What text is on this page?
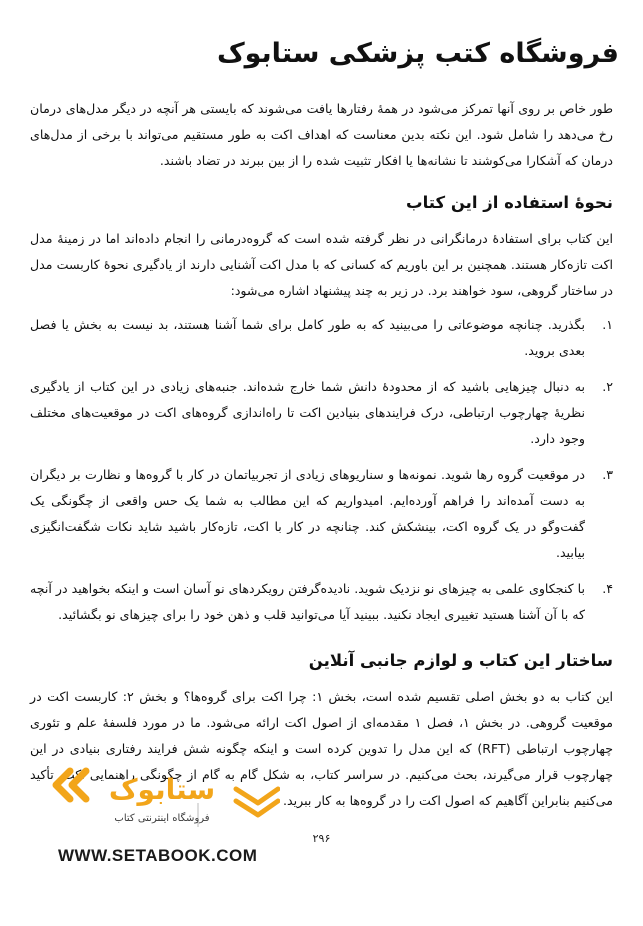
فروشگاه کتب پزشکی ستابوک

طور خاص بر روی آنها تمرکز می‌شود در همهٔ رفتارها یافت می‌شوند که بایستی هر آنچه در دیگر مدل‌های درمان رخ می‌دهد را شامل شود. این نکته بدین معناست که اهداف اکت به طور مستقیم می‌تواند با برخی از مدل‌های درمان که آشکارا می‌کوشند تا نشانه‌ها یا افکار تثبیت شده را از بین ببرند در تضاد باشند.

نحوهٔ استفاده از این کتاب

این کتاب برای استفادهٔ درمانگرانی در نظر گرفته شده است که گروه‌درمانی را انجام داده‌اند اما در زمینهٔ مدل اکت تازه‌کار هستند. همچنین بر این باوریم که کسانی که با مدل اکت آشنایی دارند از یادگیری نحوهٔ کاربست مدل در ساختار گروهی، سود خواهند برد. در زیر به چند پیشنهاد اشاره می‌شود:

۱.
بگذرید. چنانچه موضوعاتی را می‌بینید که به طور کامل برای شما آشنا هستند، بد نیست به بخش یا فصل بعدی بروید.
۲.
به دنبال چیزهایی باشید که از محدودهٔ دانش شما خارج شده‌اند. جنبه‌های زیادی در این کتاب از یادگیری نظریهٔ چهارچوب ارتباطی، درک فرایندهای بنیادین اکت تا راه‌اندازی گروه‌های اکت در موقعیت‌های مختلف وجود دارد.
۳.
در موقعیت گروه رها شوید. نمونه‌ها و سناریوهای زیادی از تجربیاتمان در کار با گروه‌ها و نظارت بر دیگران به دست آمده‌اند را فراهم آورده‌ایم. امیدواریم که این مطالب به شما یک حس واقعی از چگونگی یک گفت‌وگو در یک گروه اکت، بینشکش کند. چنانچه در کار با اکت، تازه‌کار باشید شاید نکات شگفت‌انگیزی بیابید.
۴.
با کنجکاوی علمی به چیزهای نو نزدیک شوید. نادیده‌گرفتن رویکردهای نو آسان است و اینکه بخواهید در آنچه که با آن آشنا هستید تغییری ایجاد نکنید. ببینید آیا می‌توانید قلب و ذهن خود را برای چیزهای نو بگشائید.
ساختار این کتاب و لوازم جانبی آنلاین

این کتاب به دو بخش اصلی تقسیم شده است، بخش ۱: چرا اکت برای گروه‌ها؟ و بخش ۲: کاربست اکت در موقعیت گروهی. در بخش ۱، فصل ۱ مقدمه‌ای از اصول اکت ارائه می‌شود. ما در مورد فلسفهٔ علم و تئوری چهارچوب ارتباطی (RFT) که این مدل را تدوین کرده است و اینکه چگونه شش فرایند رفتاری بنیادی در این چهارچوب قرار می‌گیرند، بحث می‌کنیم. در سراسر کتاب، به شکل گام به گام از چگونگی راهنمایی اکت، تأکید می‌کنیم بنابراین آگاهیم که اصول اکت را در گروه‌ها به کار ببرید.

۲۹۶
ستابوک
فروشگاه اینترنتی کتاب
WWW.SETABOOK.COM
